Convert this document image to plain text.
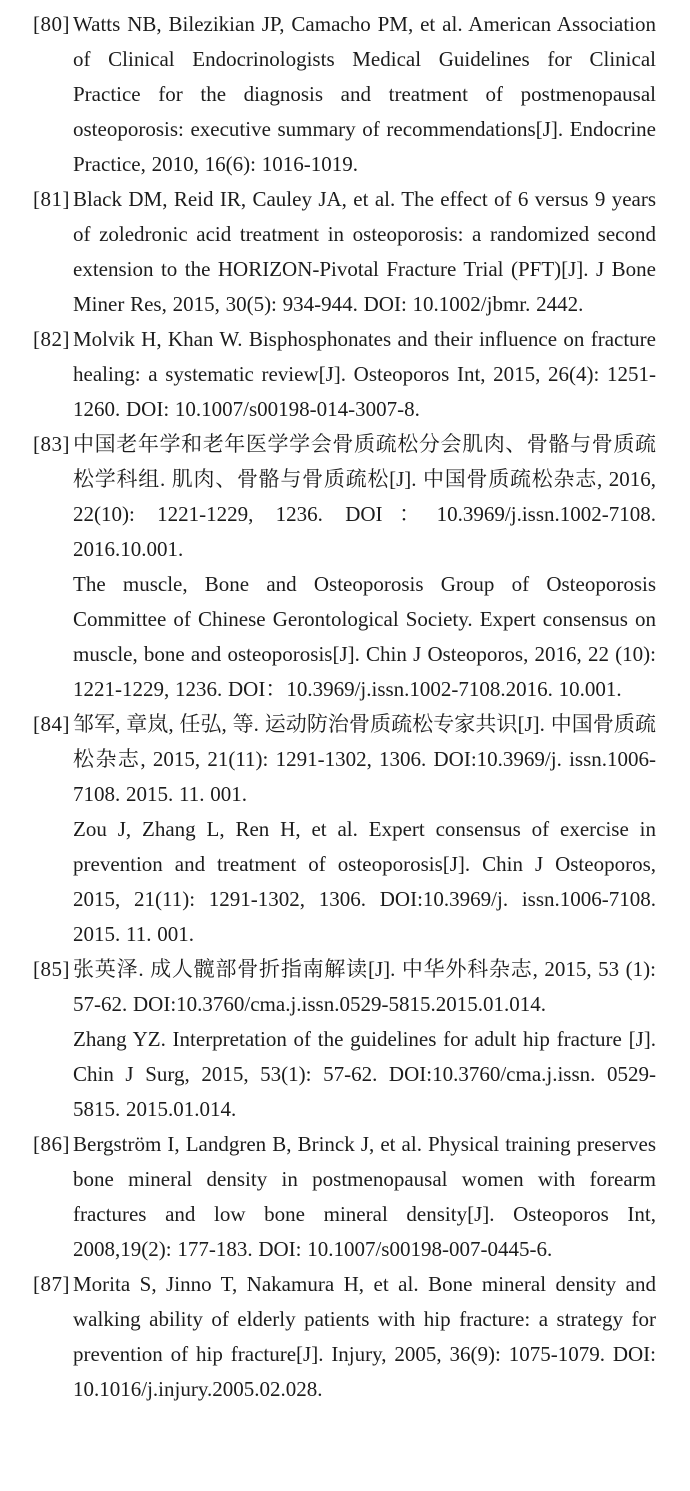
[80] Watts NB, Bilezikian JP, Camacho PM, et al. American Association of Clinical Endocrinologists Medical Guidelines for Clinical Practice for the diagnosis and treatment of postmenopausal osteoporosis: executive summary of recommendations[J]. Endocrine Practice, 2010, 16(6): 1016-1019.

[81] Black DM, Reid IR, Cauley JA, et al. The effect of 6 versus 9 years of zoledronic acid treatment in osteoporosis: a randomized second extension to the HORIZON-Pivotal Fracture Trial (PFT)[J]. J Bone Miner Res, 2015, 30(5): 934-944. DOI: 10.1002/jbmr. 2442.

[82] Molvik H, Khan W. Bisphosphonates and their influence on fracture healing: a systematic review[J]. Osteoporos Int, 2015, 26(4): 1251-1260. DOI: 10.1007/s00198-014-3007-8.

[83] 中国老年学和老年医学学会骨质疏松分会肌肉、骨骼与骨质疏松学科组. 肌肉、骨骼与骨质疏松[J]. 中国骨质疏松杂志, 2016, 22(10): 1221-1229, 1236. DOI：10.3969/j.issn.1002-7108. 2016.10.001.

The muscle, Bone and Osteoporosis Group of Osteoporosis Committee of Chinese Gerontological Society. Expert consensus on muscle, bone and osteoporosis[J]. Chin J Osteoporos, 2016, 22 (10): 1221-1229, 1236. DOI：10.3969/j.issn.1002-7108.2016. 10.001.

[84] 邹军, 章岚, 任弘, 等. 运动防治骨质疏松专家共识[J]. 中国骨质疏松杂志, 2015, 21(11): 1291-1302, 1306. DOI:10.3969/j. issn.1006-7108. 2015. 11. 001.

Zou J, Zhang L, Ren H, et al. Expert consensus of exercise in prevention and treatment of osteoporosis[J]. Chin J Osteoporos, 2015, 21(11): 1291-1302, 1306. DOI:10.3969/j. issn.1006-7108. 2015. 11. 001.

[85] 张英泽. 成人髋部骨折指南解读[J]. 中华外科杂志, 2015, 53 (1): 57-62. DOI:10.3760/cma.j.issn.0529-5815.2015.01.014.

Zhang YZ. Interpretation of the guidelines for adult hip fracture [J]. Chin J Surg, 2015, 53(1): 57-62. DOI:10.3760/cma.j.issn. 0529-5815. 2015.01.014.

[86] Bergström I, Landgren B, Brinck J, et al. Physical training preserves bone mineral density in postmenopausal women with forearm fractures and low bone mineral density[J]. Osteoporos Int, 2008,19(2): 177-183. DOI: 10.1007/s00198-007-0445-6.

[87] Morita S, Jinno T, Nakamura H, et al. Bone mineral density and walking ability of elderly patients with hip fracture: a strategy for prevention of hip fracture[J]. Injury, 2005, 36(9): 1075-1079. DOI: 10.1016/j.injury.2005.02.028.
